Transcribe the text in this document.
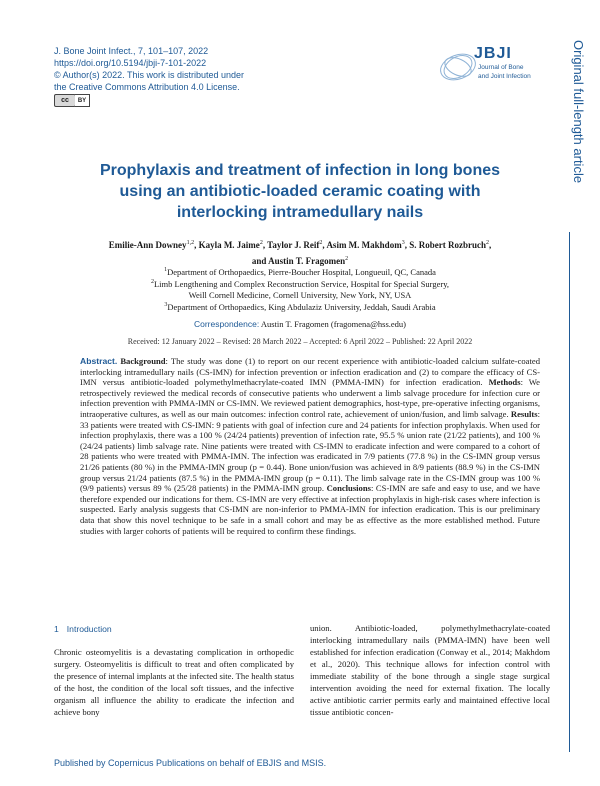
J. Bone Joint Infect., 7, 101–107, 2022
https://doi.org/10.5194/jbji-7-101-2022
© Author(s) 2022. This work is distributed under
the Creative Commons Attribution 4.0 License.
cc	BY
JBJI
Journal of Bone
and Joint Infection	Original full-length article
Prophylaxis and treatment of infection in long bones
using an antibiotic-loaded ceramic coating with
interlocking intramedullary nails
Emilie-Ann Downey$^{1,2}$, Kayla M. Jaime$^2$, Taylor J. Reif$^2$, Asim M. Makhdom$^3$, S. Robert Rozbruch$^2$,
and Austin T. Fragomen$^2$
$^1$Department of Orthopaedics, Pierre-Boucher Hospital, Longueuil, QC, Canada
$^2$Limb Lengthening and Complex Reconstruction Service, Hospital for Special Surgery,
Weill Cornell Medicine, Cornell University, New York, NY, USA
$^3$Department of Orthopaedics, King Abdulaziz University, Jeddah, Saudi Arabia
Correspondence: Austin T. Fragomen (fragomena@hss.edu)
Received: 12 January 2022 – Revised: 28 March 2022 – Accepted: 6 April 2022 – Published: 22 April 2022
Abstract. Background: The study was done (1) to report on our recent experience with antibiotic-loaded calcium sulfate-coated interlocking intramedullary nails (CS-IMN) for infection prevention or infection eradication and (2) to compare the efficacy of CS-IMN versus antibiotic-loaded polymethylmethacrylate-coated IMN (PMMA-IMN) for infection eradication. Methods: We retrospectively reviewed the medical records of consecutive patients who underwent a limb salvage procedure for infection cure or infection prevention with PMMA-IMN or CS-IMN. We reviewed patient demographics, host-type, pre-operative infecting organisms, intraoperative cultures, as well as our main outcomes: infection control rate, achievement of union/fusion, and limb salvage. Results: 33 patients were treated with CS-IMN: 9 patients with goal of infection cure and 24 patients for infection prophylaxis. When used for infection prophylaxis, there was a 100 % (24/24 patients) prevention of infection rate, 95.5 % union rate (21/22 patients), and 100 % (24/24 patients) limb salvage rate. Nine patients were treated with CS-IMN to eradicate infection and were compared to a cohort of 28 patients who were treated with PMMA-IMN. The infection was eradicated in 7/9 patients (77.8 %) in the CS-IMN group versus 21/26 patients (80 %) in the PMMA-IMN group (p = 0.44). Bone union/fusion was achieved in 8/9 patients (88.9 %) in the CS-IMN group versus 21/24 patients (87.5 %) in the PMMA-IMN group (p = 0.11). The limb salvage rate in the CS-IMN group was 100 % (9/9 patients) versus 89 % (25/28 patients) in the PMMA-IMN group. Conclusions: CS-IMN are safe and easy to use, and we have therefore expended our indications for them. CS-IMN are very effective at infection prophylaxis in high-risk cases where infection is suspected. Early analysis suggests that CS-IMN are non-inferior to PMMA-IMN for infection eradication. This is our preliminary data that show this novel technique to be safe in a small cohort and may be as effective as the more established method. Future studies with larger cohorts of patients will be required to confirm these findings.
1 Introduction
Chronic osteomyelitis is a devastating complication in orthopedic surgery. Osteomyelitis is difficult to treat and often complicated by the presence of internal implants at the infected site. The health status of the host, the condition of the local soft tissues, and the infective organism all influence the ability to eradicate the infection and achieve bony
union. Antibiotic-loaded, polymethylmethacrylate-coated interlocking intramedullary nails (PMMA-IMN) have been well established for infection eradication (Conway et al., 2014; Makhdom et al., 2020). This technique allows for infection control with immediate stability of the bone through a single stage surgical intervention avoiding the need for external fixation. The locally active antibiotic carrier permits early and maintained effective local tissue antibiotic concen-
Published by Copernicus Publications on behalf of EBJIS and MSIS.
